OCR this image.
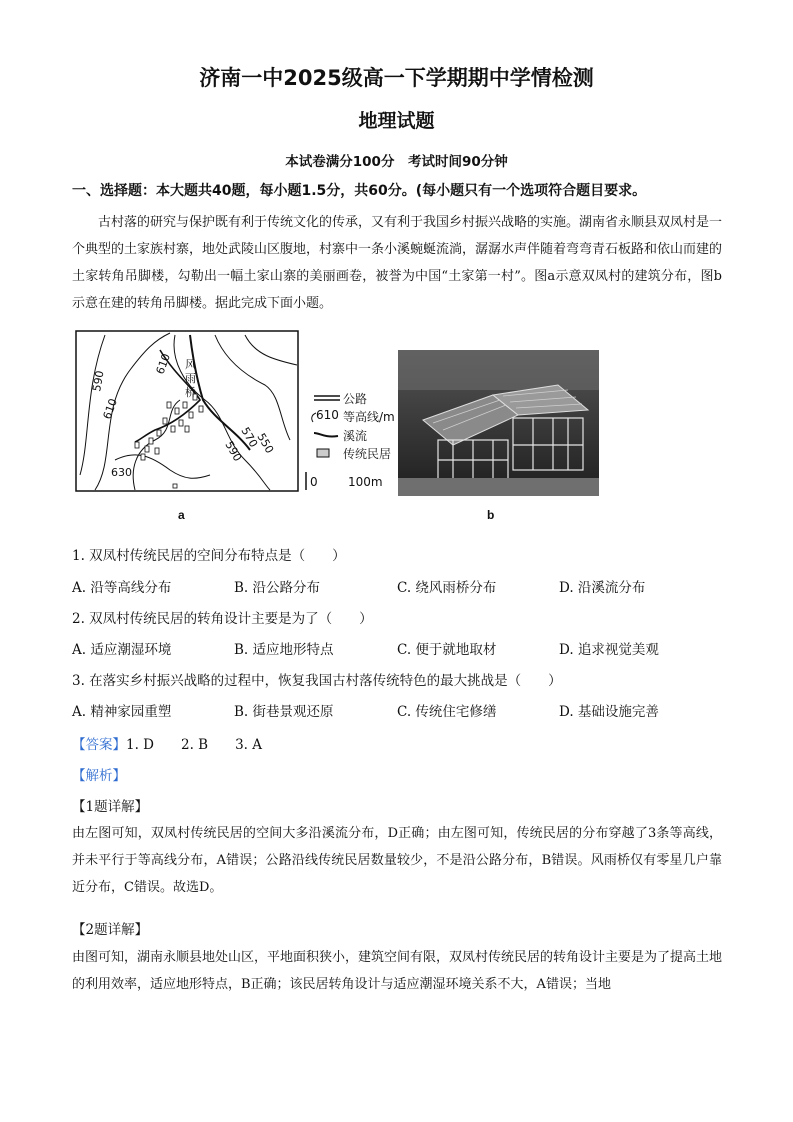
济南一中2025级高一下学期期中学情检测
地理试题
本试卷满分100分　考试时间90分钟
一、选择题：本大题共40题，每小题1.5分，共60分。(每小题只有一个选项符合题目要求。
古村落的研究与保护既有利于传统文化的传承，又有利于我国乡村振兴战略的实施。湖南省永顺县双凤村是一个典型的土家族村寨，地处武陵山区腹地，村寨中一条小溪蜿蜒流淌，潺潺水声伴随着弯弯青石板路和依山而建的土家转角吊脚楼，勾勒出一幅土家山寨的美丽画卷，被誉为中国“土家第一村”。图a示意双凤村的建筑分布，图b示意在建的转角吊脚楼。据此完成下面小题。
风
雨
桥
610
590
610
630
590
570
550
公路
610 等高线/m
溪流
传统民居
0	100m
a	b
1. 双凤村传统民居的空间分布特点是（　　）
A. 沿等高线分布	B. 沿公路分布	C. 绕风雨桥分布	D. 沿溪流分布
2. 双凤村传统民居的转角设计主要是为了（　　）
A. 适应潮湿环境	B. 适应地形特点	C. 便于就地取材	D. 追求视觉美观
3. 在落实乡村振兴战略的过程中，恢复我国古村落传统特色的最大挑战是（　　）
A. 精神家园重塑	B. 街巷景观还原	C. 传统住宅修缮	D. 基础设施完善
【答案】1. D　　2. B　　3. A
【解析】
【1题详解】
由左图可知，双凤村传统民居的空间大多沿溪流分布，D正确；由左图可知，传统民居的分布穿越了3条等高线，并未平行于等高线分布，A错误；公路沿线传统民居数量较少，不是沿公路分布，B错误。风雨桥仅有零星几户靠近分布，C错误。故选D。
【2题详解】
由图可知，湖南永顺县地处山区，平地面积狭小，建筑空间有限，双凤村传统民居的转角设计主要是为了提高土地的利用效率，适应地形特点，B正确；该民居转角设计与适应潮湿环境关系不大，A错误；当地
